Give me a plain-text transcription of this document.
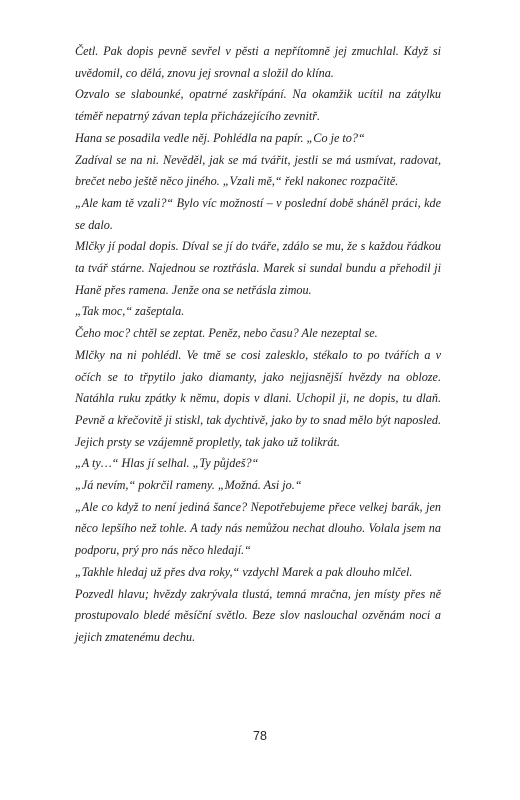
Četl. Pak dopis pevně sevřel v pěsti a nepřítomně jej zmuchlal. Když si uvědomil, co dělá, znovu jej srovnal a složil do klína.

Ozvalo se slabounké, opatrné zaskřípání. Na okamžik ucítil na zátylku téměř nepatrný závan tepla přicházejícího zevnitř.

Hana se posadila vedle něj. Pohlédla na papír. „Co je to?“

Zadíval se na ni. Nevěděl, jak se má tvářit, jestli se má usmívat, radovat, brečet nebo ještě něco jiného. „Vzali mě,“ řekl nakonec rozpačitě.

„Ale kam tě vzali?“ Bylo víc možností – v poslední době sháněl práci, kde se dalo.

Mlčky jí podal dopis. Díval se jí do tváře, zdálo se mu, že s každou řádkou ta tvář stárne. Najednou se roztřásla. Marek si sundal bundu a přehodil ji Haně přes ramena. Jenže ona se netřásla zimou.

„Tak moc,“ zašeptala.

Čeho moc? chtěl se zeptat. Peněz, nebo času? Ale nezeptal se.

Mlčky na ni pohlédl. Ve tmě se cosi zalesklo, stékalo to po tvářích a v očích se to třpytilo jako diamanty, jako nejjasnější hvězdy na obloze. Natáhla ruku zpátky k němu, dopis v dlani. Uchopil ji, ne dopis, tu dlaň. Pevně a křečovitě ji stiskl, tak dychtivě, jako by to snad mělo být naposled. Jejich prsty se vzájemně propletly, tak jako už tolikrát.

„A ty…“ Hlas jí selhal. „Ty půjdeš?“

„Já nevím,“ pokrčil rameny. „Možná. Asi jo.“

„Ale co když to není jediná šance? Nepotřebujeme přece velkej barák, jen něco lepšího než tohle. A tady nás nemůžou nechat dlouho. Volala jsem na podporu, prý pro nás něco hledají.“

„Takhle hledaj už přes dva roky,“ vzdychl Marek a pak dlouho mlčel.

Pozvedl hlavu; hvězdy zakrývala tlustá, temná mračna, jen místy přes ně prostupovalo bledé měsíční světlo. Beze slov naslouchal ozvěnám noci a jejich zmatenému dechu.

78
